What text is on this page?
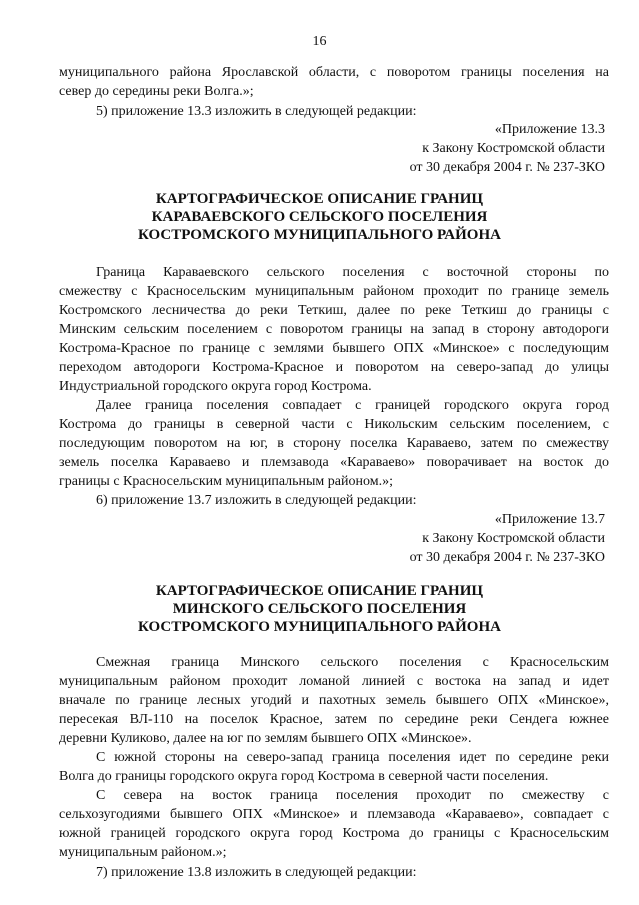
16
муниципального района Ярославской области, с поворотом границы поселения на
север до середины реки Волга.»;
5) приложение 13.3 изложить в следующей редакции:
«Приложение 13.3
к Закону Костромской области
от 30 декабря 2004 г. № 237-ЗКО
КАРТОГРАФИЧЕСКОЕ ОПИСАНИЕ ГРАНИЦ
КАРАВАЕВСКОГО СЕЛЬСКОГО ПОСЕЛЕНИЯ
КОСТРОМСКОГО МУНИЦИПАЛЬНОГО РАЙОНА
Граница Караваевского сельского поселения с восточной стороны по
смежеству с Красносельским муниципальным районом проходит по границе земель
Костромского лесничества до реки Теткиш, далее по реке Теткиш до границы с
Минским сельским поселением с поворотом границы на запад в сторону автодороги
Кострома-Красное по границе с землями бывшего ОПХ «Минское» с последующим
переходом автодороги Кострома-Красное и поворотом на северо-запад до улицы
Индустриальной городского округа город Кострома.
Далее граница поселения совпадает с границей городского округа город
Кострома до границы в северной части с Никольским сельским поселением, с
последующим поворотом на юг, в сторону поселка Караваево, затем по смежеству
земель поселка Караваево и племзавода «Караваево» поворачивает на восток до
границы с Красносельским муниципальным районом.»;
6) приложение 13.7 изложить в следующей редакции:
«Приложение 13.7
к Закону Костромской области
от 30 декабря 2004 г. № 237-ЗКО
КАРТОГРАФИЧЕСКОЕ ОПИСАНИЕ ГРАНИЦ
МИНСКОГО СЕЛЬСКОГО ПОСЕЛЕНИЯ
КОСТРОМСКОГО МУНИЦИПАЛЬНОГО РАЙОНА
Смежная граница Минского сельского поселения с Красносельским
муниципальным районом проходит ломаной линией с востока на запад и идет
вначале по границе лесных угодий и пахотных земель бывшего ОПХ «Минское»,
пересекая ВЛ-110 на поселок Красное, затем по середине реки Сендега южнее
деревни Куликово, далее на юг по землям бывшего ОПХ «Минское».
С южной стороны на северо-запад граница поселения идет по середине реки
Волга до границы городского округа город Кострома в северной части поселения.
С севера на восток граница поселения проходит по смежеству с
сельхозугодиями бывшего ОПХ «Минское» и племзавода «Караваево», совпадает с
южной границей городского округа город Кострома до границы с Красносельским
муниципальным районом.»;
7) приложение 13.8 изложить в следующей редакции:
